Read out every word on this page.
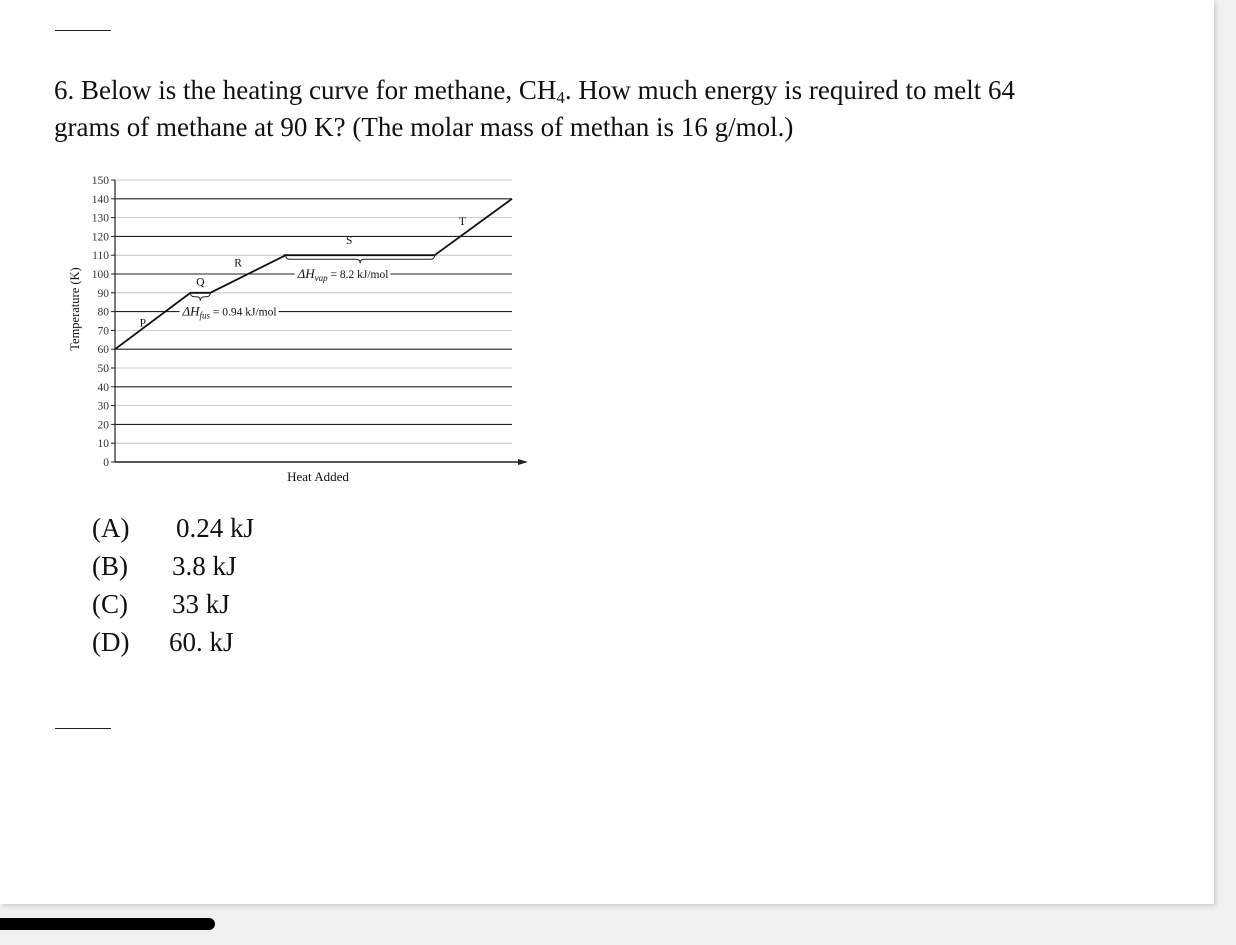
6. Below is the heating curve for methane, $CH_4$. How much energy is required to melt 64 grams of methane at 90 K? (The molar mass of methan is 16 g/mol.)
0
10
20
30
40
50
60
70
80
90
100
110
120
130
140
150
P
Q
R
S
T
$\Delta H_{fus} = 0.94$ kJ/mol
$\Delta H_{vap} = 8.2$ kJ/mol
Heat Added
Temperature (K)
(A)	0.24 kJ
(B)	3.8 kJ
(C)	33 kJ
(D)	60. kJ
